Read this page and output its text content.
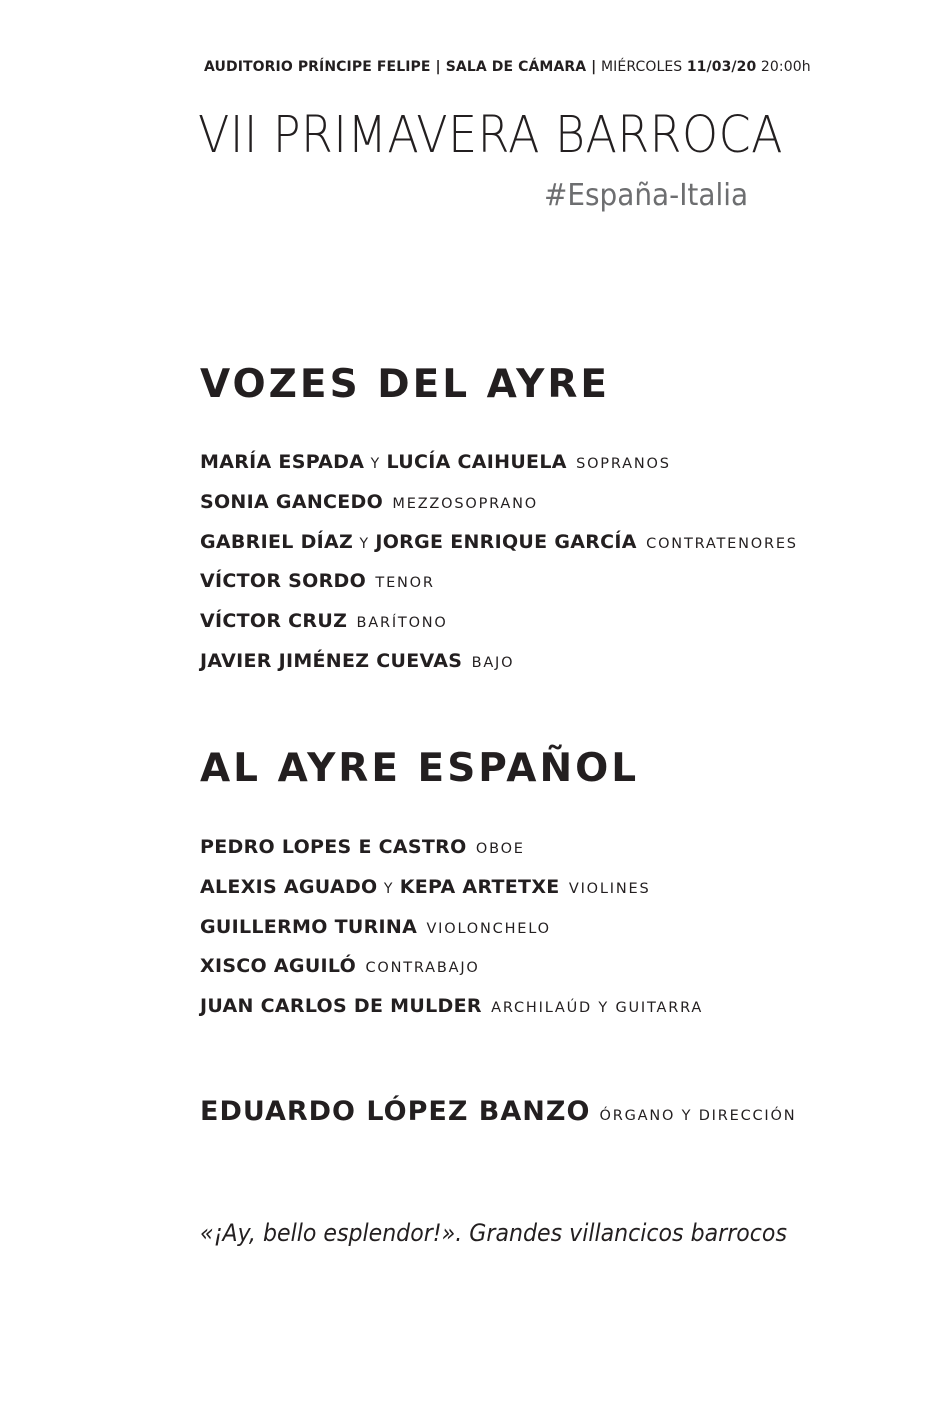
AUDITORIO PRÍNCIPE FELIPE | SALA DE CÁMARA | MIÉRCOLES 11/03/20 20:00h
VII PRIMAVERA BARROCA
#España-Italia
VOZES DEL AYRE
MARÍA ESPADA Y LUCÍA CAIHUELA SOPRANOS
SONIA GANCEDO MEZZOSOPRANO
GABRIEL DÍAZ Y JORGE ENRIQUE GARCÍA CONTRATENORES
VÍCTOR SORDO TENOR
VÍCTOR CRUZ BARÍTONO
JAVIER JIMÉNEZ CUEVAS BAJO
AL AYRE ESPAÑOL
PEDRO LOPES E CASTRO OBOE
ALEXIS AGUADO Y KEPA ARTETXE VIOLINES
GUILLERMO TURINA VIOLONCHELO
XISCO AGUILÓ CONTRABAJO
JUAN CARLOS DE MULDER ARCHILAÚD Y GUITARRA
EDUARDO LÓPEZ BANZO ÓRGANO Y DIRECCIÓN
«¡Ay, bello esplendor!». Grandes villancicos barrocos
